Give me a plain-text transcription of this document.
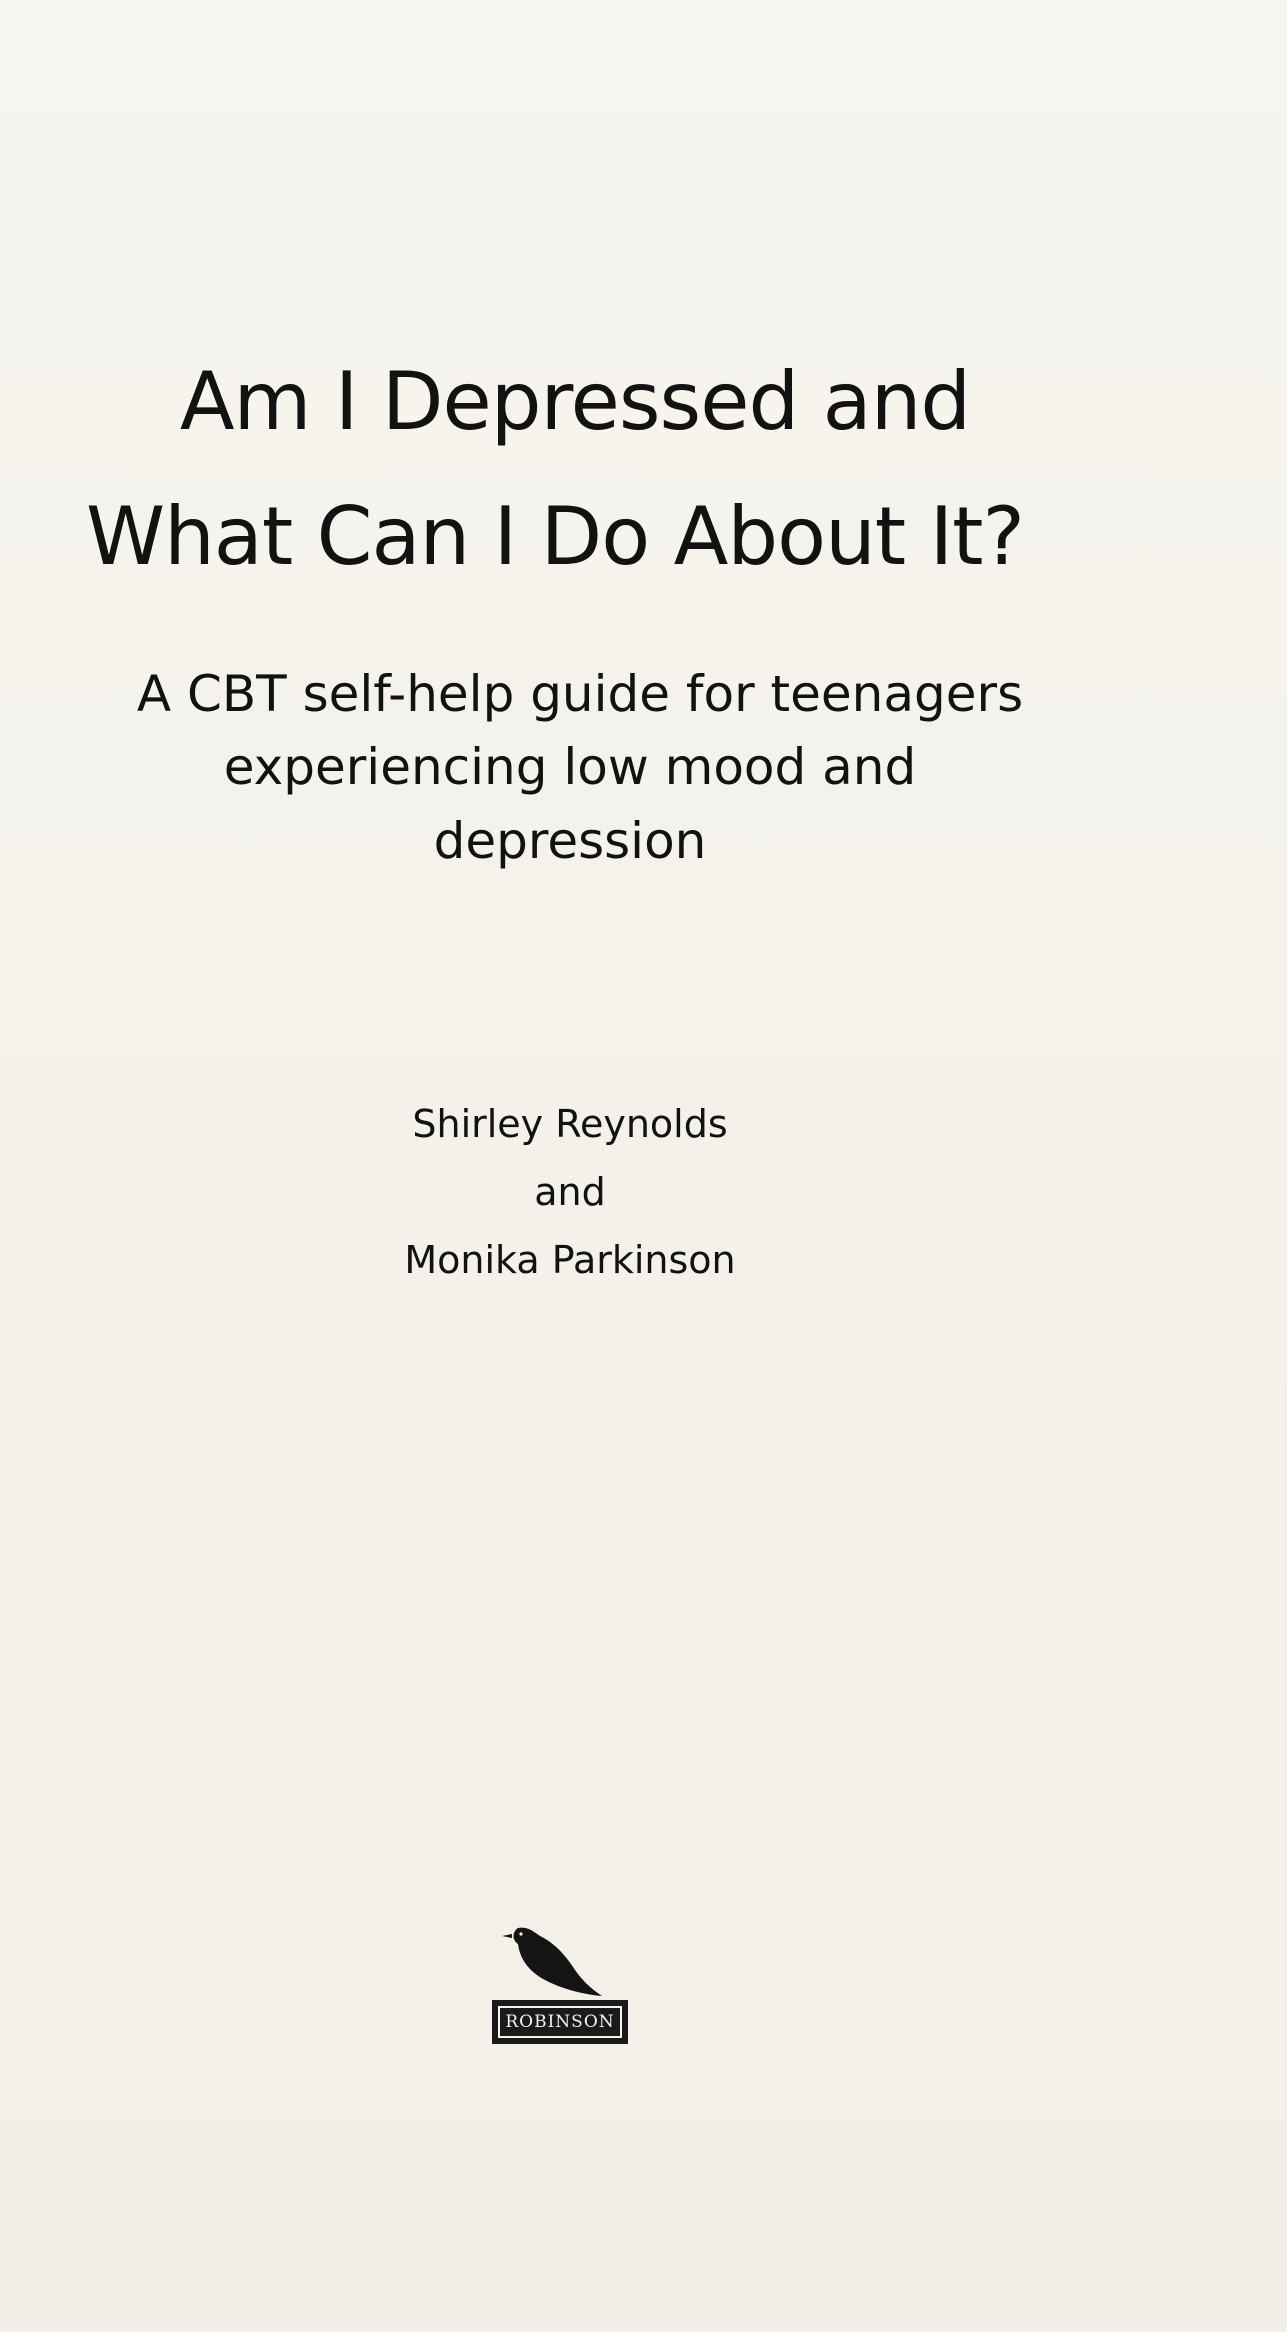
Am I Depressed and
What Can I Do About It?
A CBT self-help guide for teenagers
experiencing low mood and
depression
Shirley Reynolds
and
Monika Parkinson
ROBINSON
